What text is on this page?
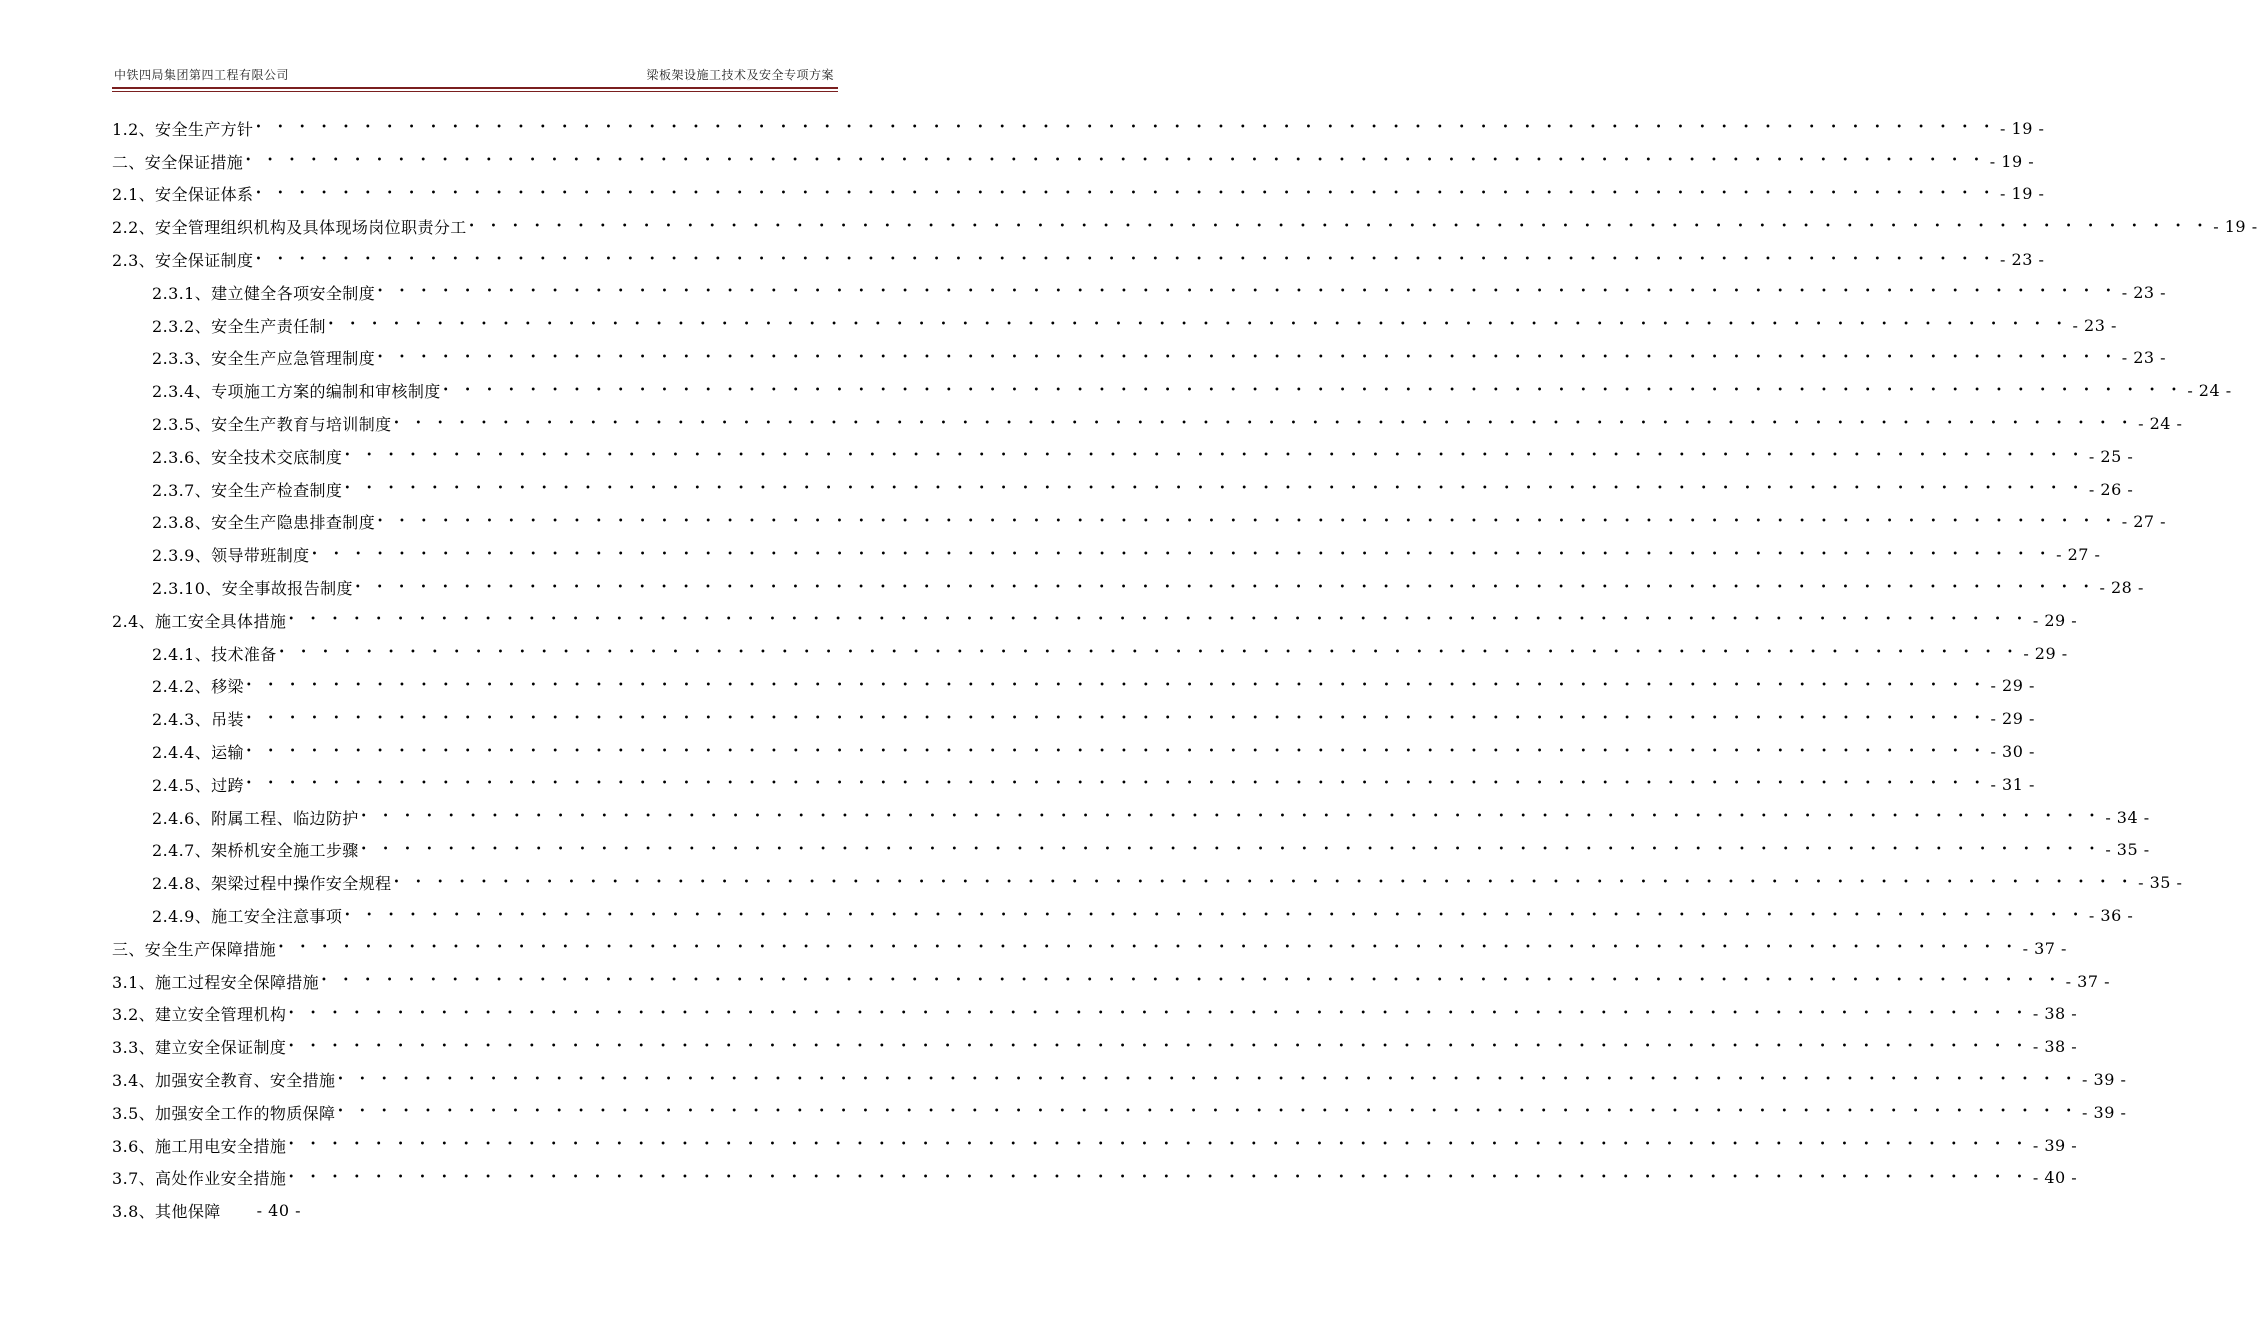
中铁四局集团第四工程有限公司	梁板架设施工技术及安全专项方案
1.2、安全生产方针 • • • • • • • • • • • • • • • • • • • • • • • • • • • • • • • • • • • • • • • • • • • • • • • • • • • • • • • • • • • • • • • • • • • • • • • • • • • • • • • • - 19 -
二、安全保证措施 • • • • • • • • • • • • • • • • • • • • • • • • • • • • • • • • • • • • • • • • • • • • • • • • • • • • • • • • • • • • • • • • • • • • • • • • • • • • • • • • - 19 -
2.1、安全保证体系 • • • • • • • • • • • • • • • • • • • • • • • • • • • • • • • • • • • • • • • • • • • • • • • • • • • • • • • • • • • • • • • • • • • • • • • • • • • • • • • • - 19 -
2.2、安全管理组织机构及具体现场岗位职责分工 • • • • • • • • • • • • • • • • • • • • • • • • • • • • • • • • • • • • • • • • • • • • • • • • • • • • • • • • • • • • • • • • • • • • • • • • • • • • • • • • - 19 -
2.3、安全保证制度 • • • • • • • • • • • • • • • • • • • • • • • • • • • • • • • • • • • • • • • • • • • • • • • • • • • • • • • • • • • • • • • • • • • • • • • • • • • • • • • • - 23 -
2.3.1、建立健全各项安全制度 • • • • • • • • • • • • • • • • • • • • • • • • • • • • • • • • • • • • • • • • • • • • • • • • • • • • • • • • • • • • • • • • • • • • • • • • • • • • • • • • - 23 -
2.3.2、安全生产责任制 • • • • • • • • • • • • • • • • • • • • • • • • • • • • • • • • • • • • • • • • • • • • • • • • • • • • • • • • • • • • • • • • • • • • • • • • • • • • • • • • - 23 -
2.3.3、安全生产应急管理制度 • • • • • • • • • • • • • • • • • • • • • • • • • • • • • • • • • • • • • • • • • • • • • • • • • • • • • • • • • • • • • • • • • • • • • • • • • • • • • • • • - 23 -
2.3.4、专项施工方案的编制和审核制度 • • • • • • • • • • • • • • • • • • • • • • • • • • • • • • • • • • • • • • • • • • • • • • • • • • • • • • • • • • • • • • • • • • • • • • • • • • • • • • • • - 24 -
2.3.5、安全生产教育与培训制度 • • • • • • • • • • • • • • • • • • • • • • • • • • • • • • • • • • • • • • • • • • • • • • • • • • • • • • • • • • • • • • • • • • • • • • • • • • • • • • • • - 24 -
2.3.6、安全技术交底制度 • • • • • • • • • • • • • • • • • • • • • • • • • • • • • • • • • • • • • • • • • • • • • • • • • • • • • • • • • • • • • • • • • • • • • • • • • • • • • • • • - 25 -
2.3.7、安全生产检查制度 • • • • • • • • • • • • • • • • • • • • • • • • • • • • • • • • • • • • • • • • • • • • • • • • • • • • • • • • • • • • • • • • • • • • • • • • • • • • • • • • - 26 -
2.3.8、安全生产隐患排查制度 • • • • • • • • • • • • • • • • • • • • • • • • • • • • • • • • • • • • • • • • • • • • • • • • • • • • • • • • • • • • • • • • • • • • • • • • • • • • • • • • - 27 -
2.3.9、领导带班制度 • • • • • • • • • • • • • • • • • • • • • • • • • • • • • • • • • • • • • • • • • • • • • • • • • • • • • • • • • • • • • • • • • • • • • • • • • • • • • • • • - 27 -
2.3.10、安全事故报告制度 • • • • • • • • • • • • • • • • • • • • • • • • • • • • • • • • • • • • • • • • • • • • • • • • • • • • • • • • • • • • • • • • • • • • • • • • • • • • • • • • - 28 -
2.4、施工安全具体措施 • • • • • • • • • • • • • • • • • • • • • • • • • • • • • • • • • • • • • • • • • • • • • • • • • • • • • • • • • • • • • • • • • • • • • • • • • • • • • • • • - 29 -
2.4.1、技术准备 • • • • • • • • • • • • • • • • • • • • • • • • • • • • • • • • • • • • • • • • • • • • • • • • • • • • • • • • • • • • • • • • • • • • • • • • • • • • • • • • - 29 -
2.4.2、移梁 • • • • • • • • • • • • • • • • • • • • • • • • • • • • • • • • • • • • • • • • • • • • • • • • • • • • • • • • • • • • • • • • • • • • • • • • • • • • • • • • - 29 -
2.4.3、吊装 • • • • • • • • • • • • • • • • • • • • • • • • • • • • • • • • • • • • • • • • • • • • • • • • • • • • • • • • • • • • • • • • • • • • • • • • • • • • • • • • - 29 -
2.4.4、运输 • • • • • • • • • • • • • • • • • • • • • • • • • • • • • • • • • • • • • • • • • • • • • • • • • • • • • • • • • • • • • • • • • • • • • • • • • • • • • • • • - 30 -
2.4.5、过跨 • • • • • • • • • • • • • • • • • • • • • • • • • • • • • • • • • • • • • • • • • • • • • • • • • • • • • • • • • • • • • • • • • • • • • • • • • • • • • • • • - 31 -
2.4.6、附属工程、临边防护 • • • • • • • • • • • • • • • • • • • • • • • • • • • • • • • • • • • • • • • • • • • • • • • • • • • • • • • • • • • • • • • • • • • • • • • • • • • • • • • • - 34 -
2.4.7、架桥机安全施工步骤 • • • • • • • • • • • • • • • • • • • • • • • • • • • • • • • • • • • • • • • • • • • • • • • • • • • • • • • • • • • • • • • • • • • • • • • • • • • • • • • • - 35 -
2.4.8、架梁过程中操作安全规程 • • • • • • • • • • • • • • • • • • • • • • • • • • • • • • • • • • • • • • • • • • • • • • • • • • • • • • • • • • • • • • • • • • • • • • • • • • • • • • • • - 35 -
2.4.9、施工安全注意事项 • • • • • • • • • • • • • • • • • • • • • • • • • • • • • • • • • • • • • • • • • • • • • • • • • • • • • • • • • • • • • • • • • • • • • • • • • • • • • • • • - 36 -
三、安全生产保障措施 • • • • • • • • • • • • • • • • • • • • • • • • • • • • • • • • • • • • • • • • • • • • • • • • • • • • • • • • • • • • • • • • • • • • • • • • • • • • • • • • - 37 -
3.1、施工过程安全保障措施 • • • • • • • • • • • • • • • • • • • • • • • • • • • • • • • • • • • • • • • • • • • • • • • • • • • • • • • • • • • • • • • • • • • • • • • • • • • • • • • • - 37 -
3.2、建立安全管理机构 • • • • • • • • • • • • • • • • • • • • • • • • • • • • • • • • • • • • • • • • • • • • • • • • • • • • • • • • • • • • • • • • • • • • • • • • • • • • • • • • - 38 -
3.3、建立安全保证制度 • • • • • • • • • • • • • • • • • • • • • • • • • • • • • • • • • • • • • • • • • • • • • • • • • • • • • • • • • • • • • • • • • • • • • • • • • • • • • • • • - 38 -
3.4、加强安全教育、安全措施 • • • • • • • • • • • • • • • • • • • • • • • • • • • • • • • • • • • • • • • • • • • • • • • • • • • • • • • • • • • • • • • • • • • • • • • • • • • • • • • • - 39 -
3.5、加强安全工作的物质保障 • • • • • • • • • • • • • • • • • • • • • • • • • • • • • • • • • • • • • • • • • • • • • • • • • • • • • • • • • • • • • • • • • • • • • • • • • • • • • • • • - 39 -
3.6、施工用电安全措施 • • • • • • • • • • • • • • • • • • • • • • • • • • • • • • • • • • • • • • • • • • • • • • • • • • • • • • • • • • • • • • • • • • • • • • • • • • • • • • • • - 39 -
3.7、高处作业安全措施 • • • • • • • • • • • • • • • • • • • • • • • • • • • • • • • • • • • • • • • • • • • • • • • • • • • • • • • • • • • • • • • • • • • • • • • • • • • • • • • • - 40 -
3.8、其他保障 - 40 -
